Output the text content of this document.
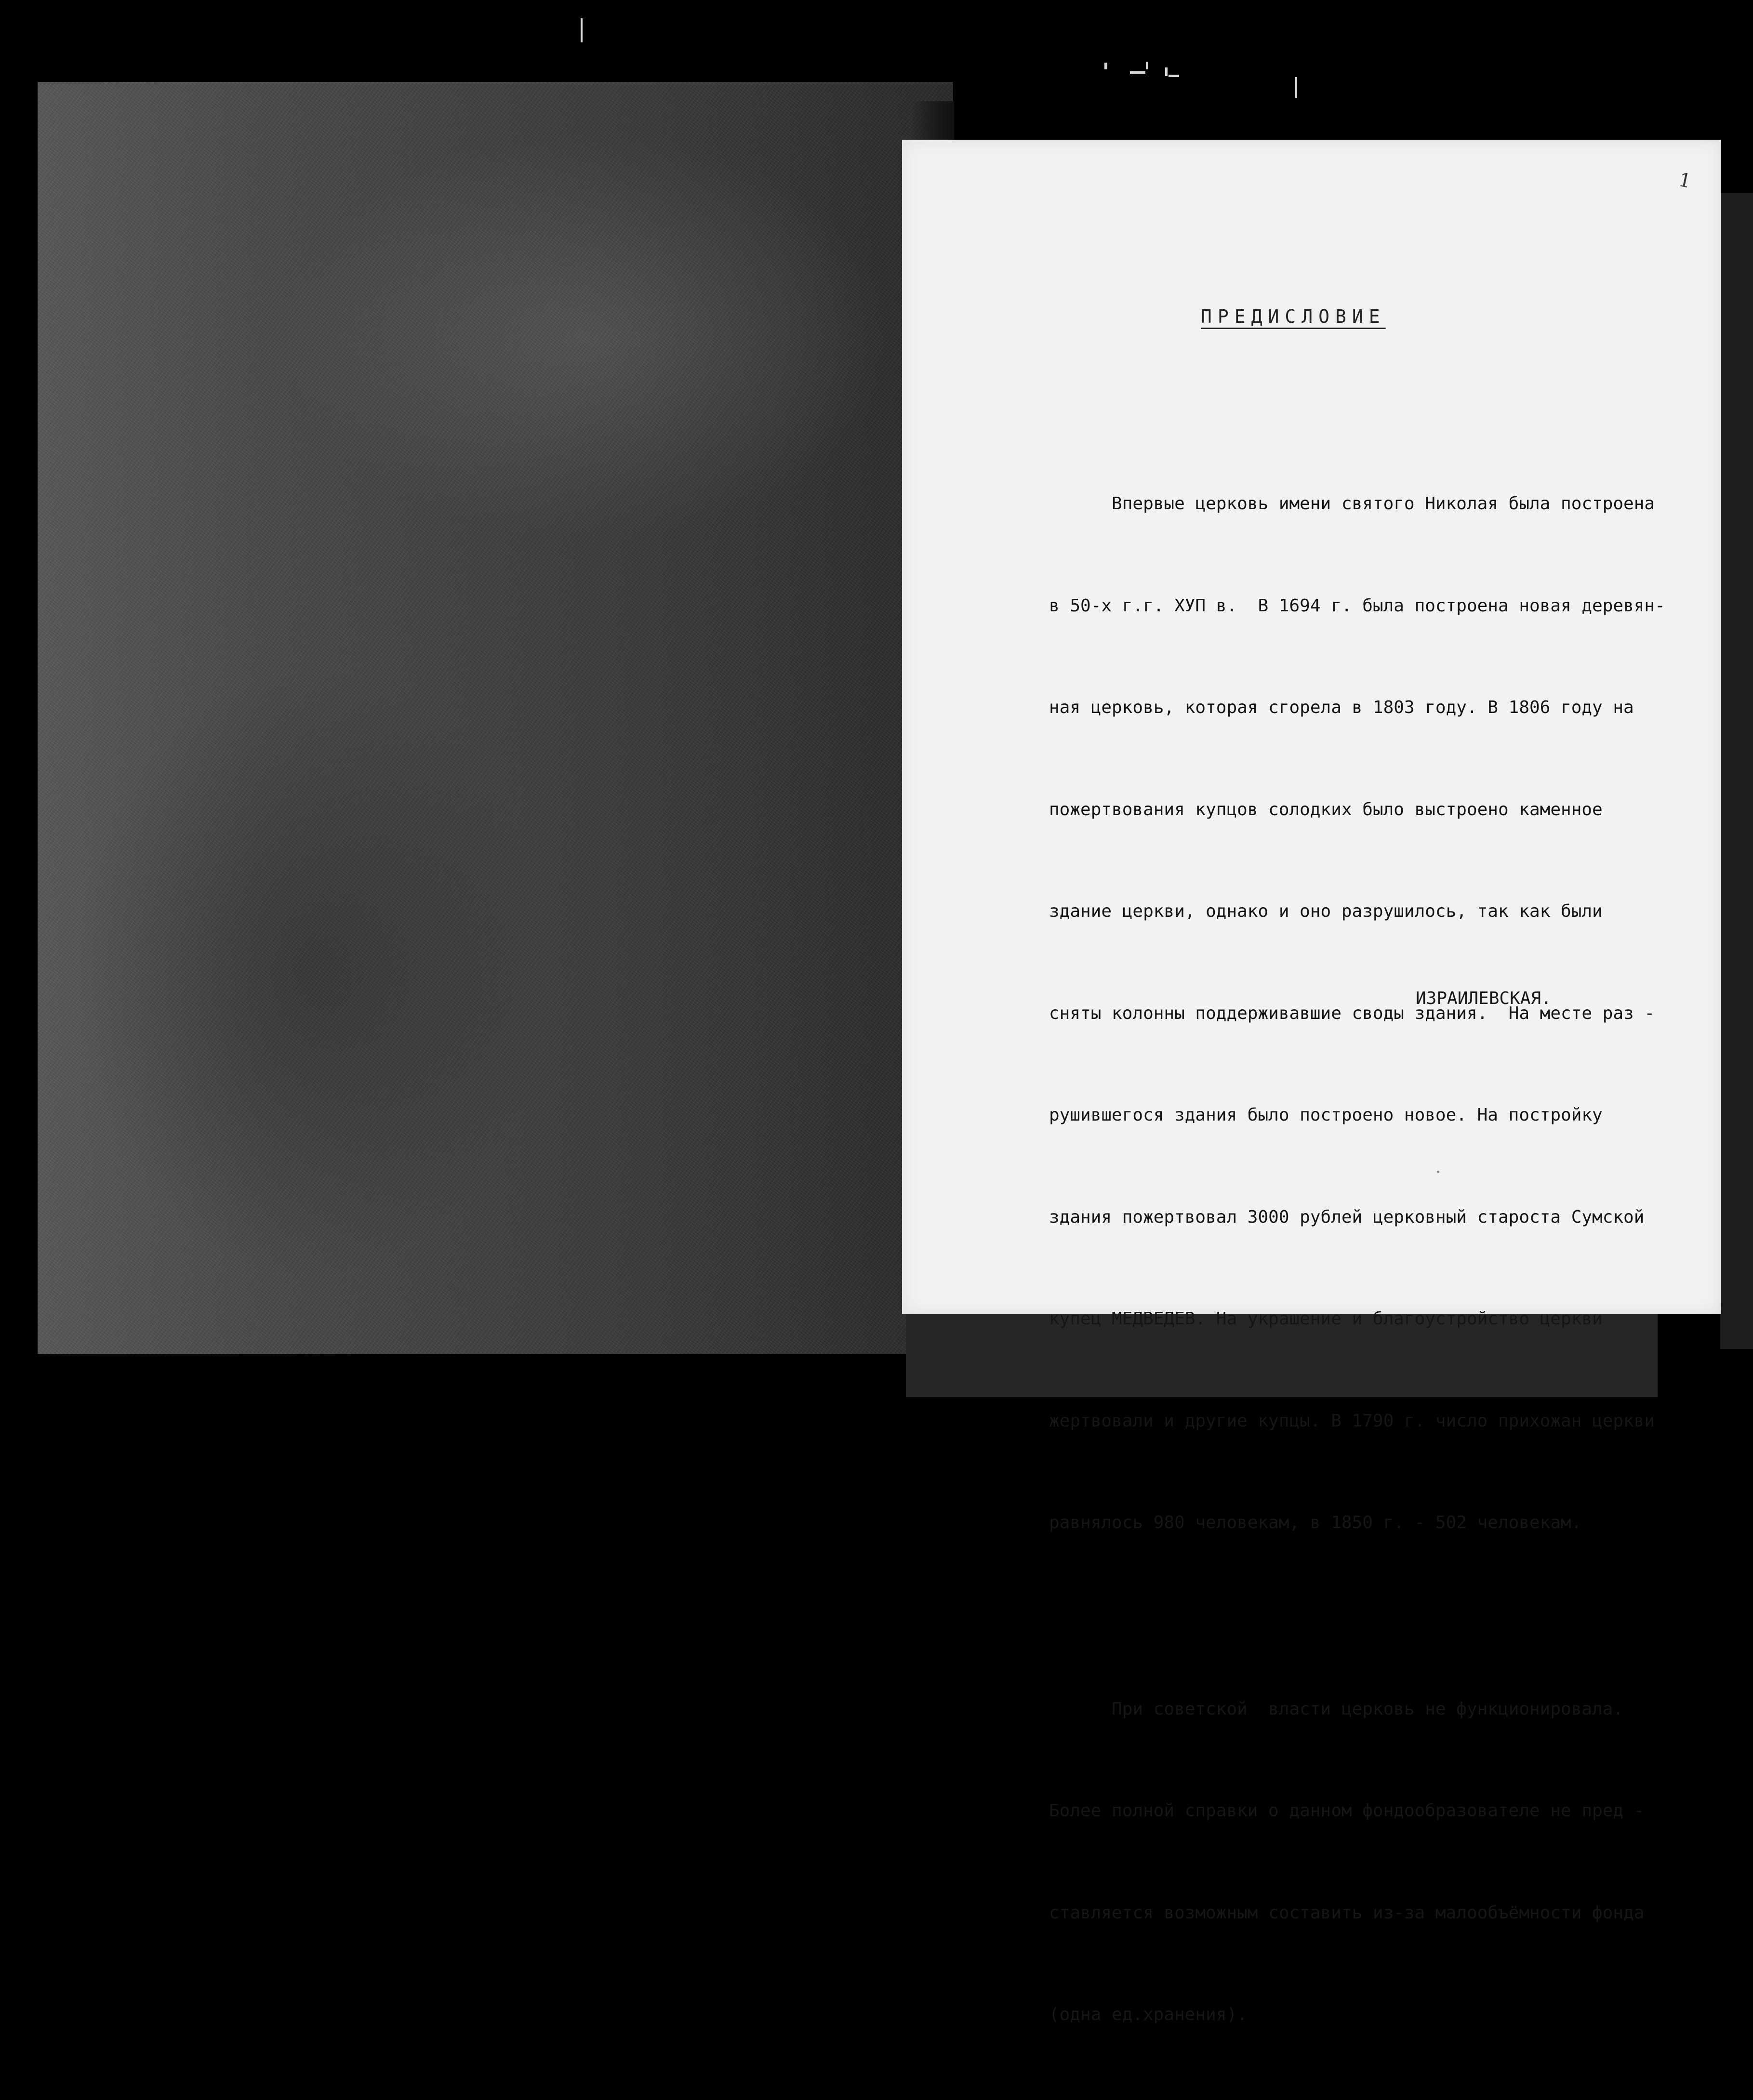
1
ПРЕДИСЛОВИЕ

Впервые церковь имени святого Николая была построена

в 50-х г.г. ХУП в.  В 1694 г. была построена новая деревян-

ная церковь, которая сгорела в 1803 году. В 1806 году на

пожертвования купцов солодких было выстроено каменное

здание церкви, однако и оно разрушилось, так как были

сняты колонны поддерживавшие своды здания.  На месте раз -

рушившегося здания было построено новое. На постройку

здания пожертвовал 3000 рублей церковный староста Сумской

купец МЕДВЕДЕВ. На украшение и благоустройство церкви

жертвовали и другие купцы. В 1790 г. число прихожан церкви

равнялось 980 человекам, в 1850 г. - 502 человекам.

При советской  власти церковь не функционировала.

Более полной справки о данном фондообразователе не пред -

ставляется возможным составить из-за малообъёмности фонда

(одна ед.хранения).

ИЗРАИЛЕВСКАЯ.
